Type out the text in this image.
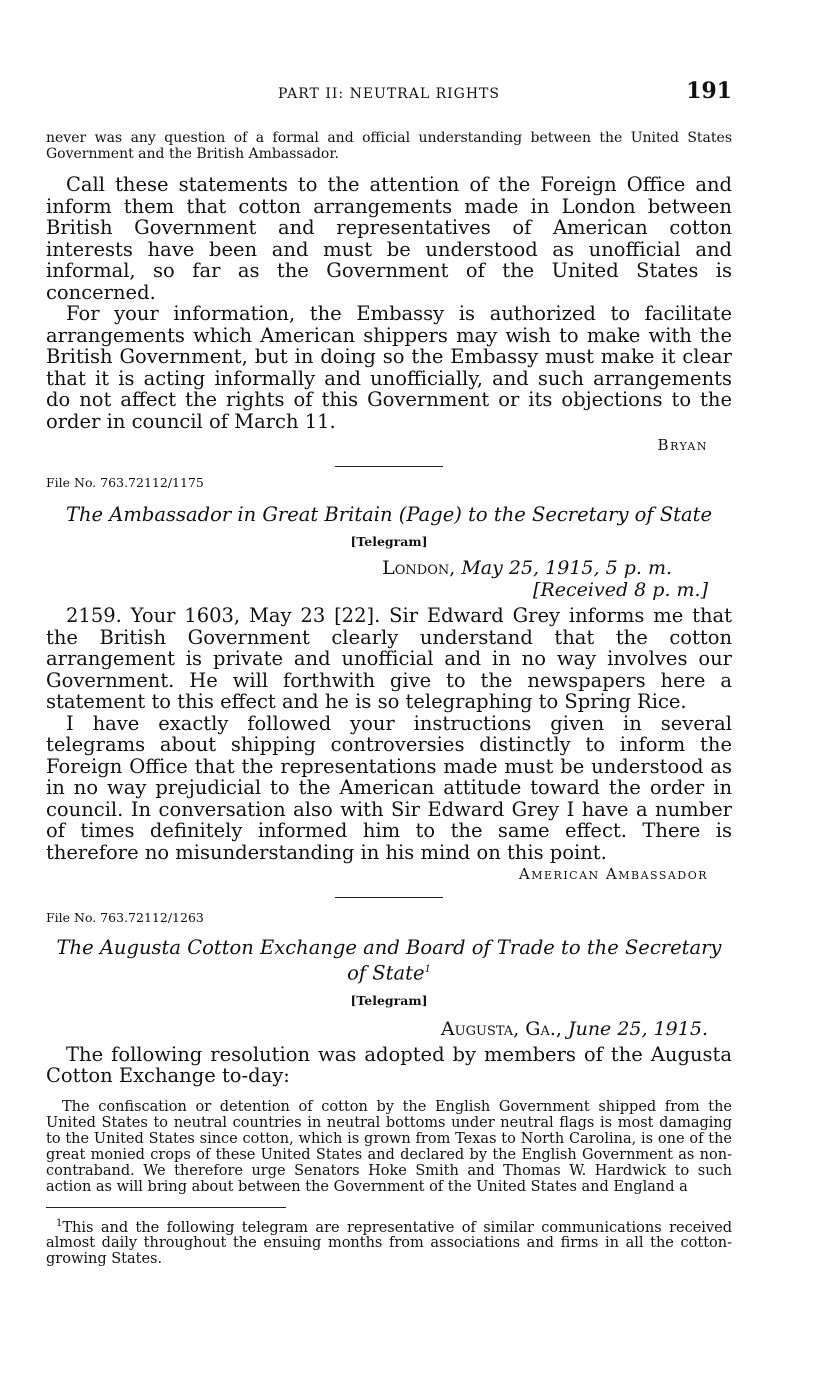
PART II: NEUTRAL RIGHTS	191

never was any question of a formal and official understanding between the United States Government and the British Ambassador.

Call these statements to the attention of the Foreign Office and inform them that cotton arrangements made in London between British Government and representatives of American cotton interests have been and must be understood as unofficial and informal, so far as the Government of the United States is concerned.

For your information, the Embassy is authorized to facilitate arrangements which American shippers may wish to make with the British Government, but in doing so the Embassy must make it clear that it is acting informally and unofficially, and such arrangements do not affect the rights of this Government or its objections to the order in council of March 11.

Bryan
File No. 763.72112/1175
The Ambassador in Great Britain (Page) to the Secretary of State
[Telegram]
London, May 25, 1915, 5 p. m.
[Received 8 p. m.]

2159. Your 1603, May 23 [22]. Sir Edward Grey informs me that the British Government clearly understand that the cotton arrangement is private and unofficial and in no way involves our Government. He will forthwith give to the newspapers here a statement to this effect and he is so telegraphing to Spring Rice.

I have exactly followed your instructions given in several telegrams about shipping controversies distinctly to inform the Foreign Office that the representations made must be understood as in no way prejudicial to the American attitude toward the order in council. In conversation also with Sir Edward Grey I have a number of times definitely informed him to the same effect. There is therefore no misunderstanding in his mind on this point.

American Ambassador
File No. 763.72112/1263
The Augusta Cotton Exchange and Board of Trade to the Secretary of State$^1$
[Telegram]
Augusta, Ga., June 25, 1915.

The following resolution was adopted by members of the Augusta Cotton Exchange to-day:

The confiscation or detention of cotton by the English Government shipped from the United States to neutral countries in neutral bottoms under neutral flags is most damaging to the United States since cotton, which is grown from Texas to North Carolina, is one of the great monied crops of these United States and declared by the English Government as non-contraband. We therefore urge Senators Hoke Smith and Thomas W. Hardwick to such action as will bring about between the Government of the United States and England a

$^1$This and the following telegram are representative of similar communications received almost daily throughout the ensuing months from associations and firms in all the cotton-growing States.
